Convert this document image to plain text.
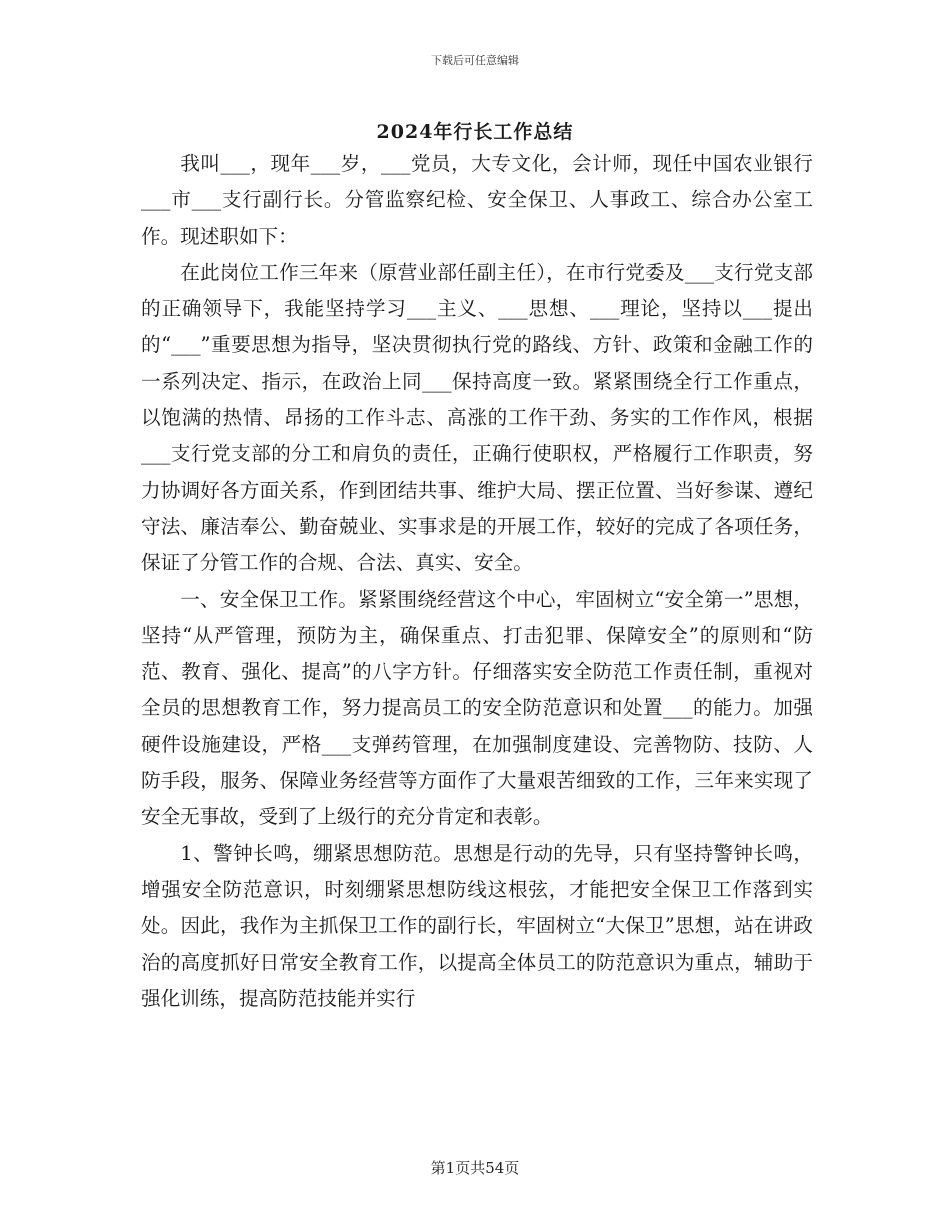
下载后可任意编辑
2024年行长工作总结

我叫___，现年___岁，___党员，大专文化，会计师，现任中国农业银行___市___支行副行长。分管监察纪检、安全保卫、人事政工、综合办公室工作。现述职如下：

在此岗位工作三年来（原营业部任副主任），在市行党委及___支行党支部的正确领导下，我能坚持学习___主义、___思想、___理论，坚持以___提出的“___”重要思想为指导，坚决贯彻执行党的路线、方针、政策和金融工作的一系列决定、指示，在政治上同___保持高度一致。紧紧围绕全行工作重点，以饱满的热情、昂扬的工作斗志、高涨的工作干劲、务实的工作作风，根据___支行党支部的分工和肩负的责任，正确行使职权，严格履行工作职责，努力协调好各方面关系，作到团结共事、维护大局、摆正位置、当好参谋、遵纪守法、廉洁奉公、勤奋兢业、实事求是的开展工作，较好的完成了各项任务，保证了分管工作的合规、合法、真实、安全。

一、安全保卫工作。紧紧围绕经营这个中心，牢固树立“安全第一”思想，坚持“从严管理，预防为主，确保重点、打击犯罪、保障安全”的原则和“防范、教育、强化、提高”的八字方针。仔细落实安全防范工作责任制，重视对全员的思想教育工作，努力提高员工的安全防范意识和处置___的能力。加强硬件设施建设，严格___支弹药管理，在加强制度建设、完善物防、技防、人防手段，服务、保障业务经营等方面作了大量艰苦细致的工作，三年来实现了安全无事故，受到了上级行的充分肯定和表彰。

1、警钟长鸣，绷紧思想防范。思想是行动的先导，只有坚持警钟长鸣，增强安全防范意识，时刻绷紧思想防线这根弦，才能把安全保卫工作落到实处。因此，我作为主抓保卫工作的副行长，牢固树立“大保卫”思想，站在讲政治的高度抓好日常安全教育工作，以提高全体员工的防范意识为重点，辅助于强化训练，提高防范技能并实行

第1页共54页
